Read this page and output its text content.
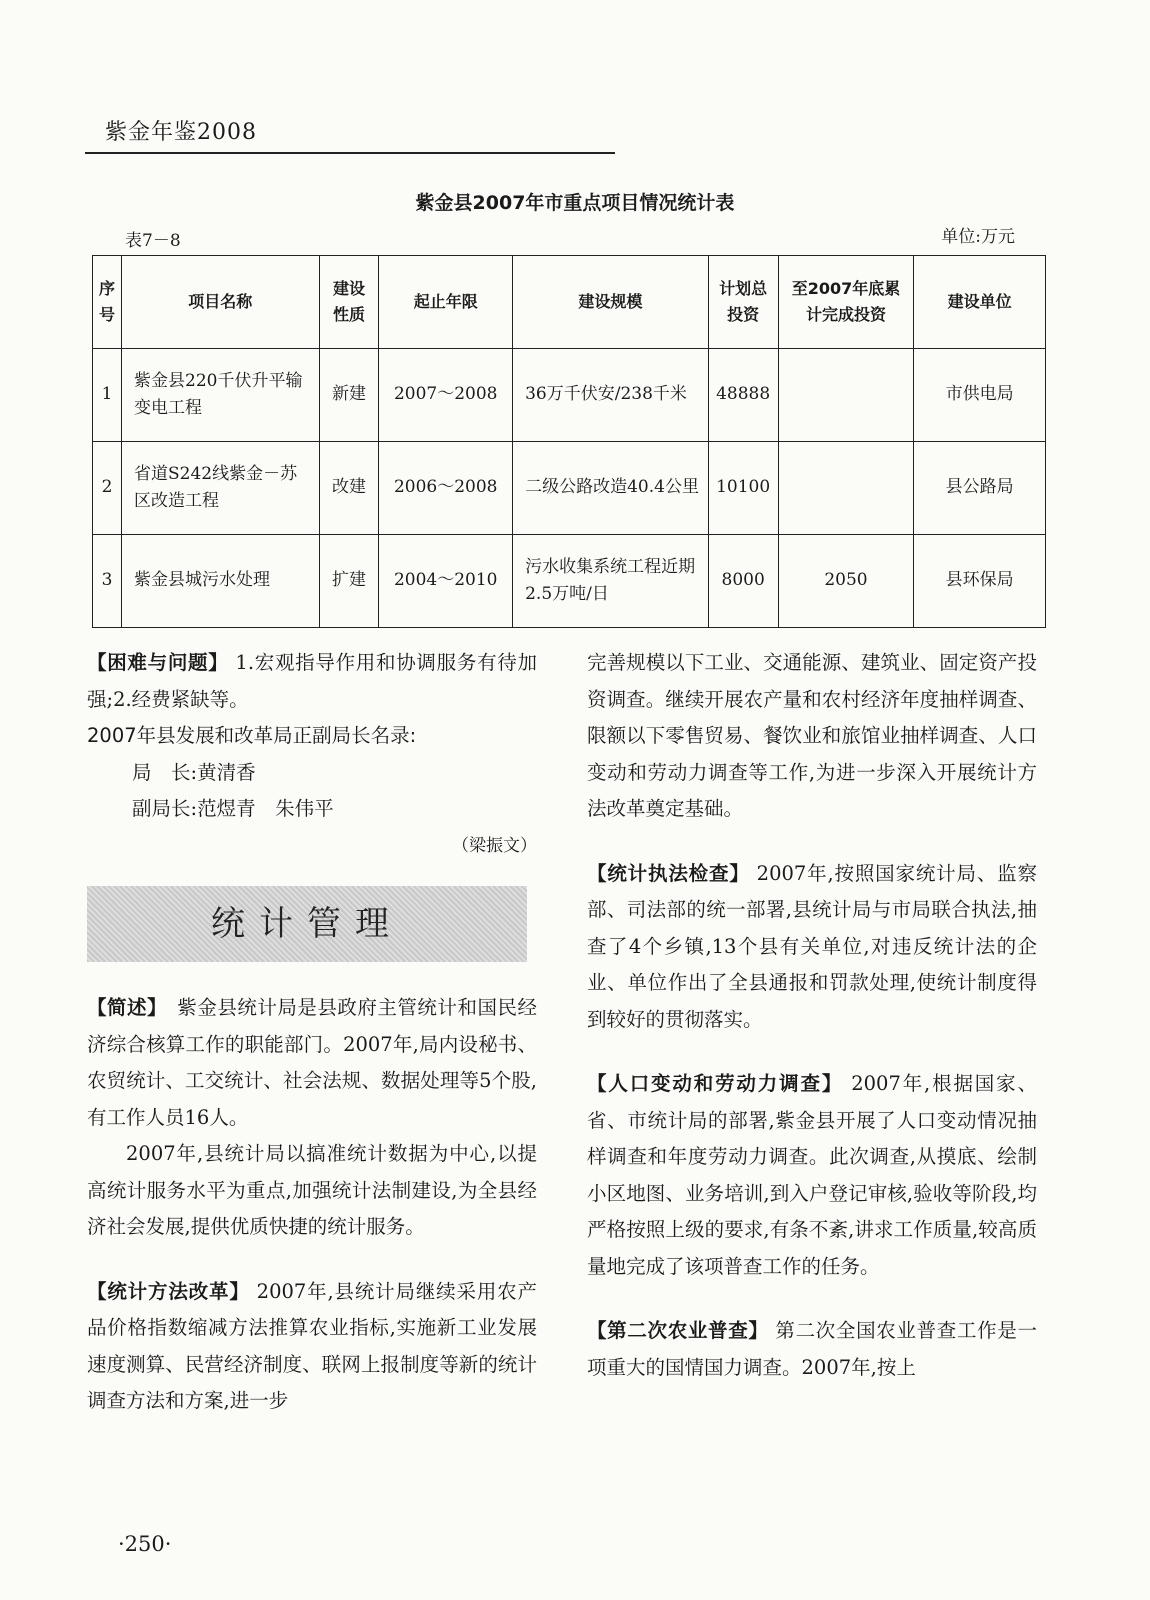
紫金年鉴2008
紫金县2007年市重点项目情况统计表
表7－8	单位:万元
序号	项目名称	建设性质	起止年限	建设规模	计划总投资	至2007年底累计完成投资	建设单位
1	紫金县220千伏升平输变电工程	新建	2007～2008	36万千伏安/238千米	48888		市供电局
2	省道S242线紫金－苏区改造工程	改建	2006～2008	二级公路改造40.4公里	10100		县公路局
3	紫金县城污水处理	扩建	2004～2010	污水收集系统工程近期2.5万吨/日	8000	2050	县环保局

【困难与问题】 1.宏观指导作用和协调服务有待加强;2.经费紧缺等。

2007年县发展和改革局正副局长名录:

局　长:黄清香

副局长:范煜青　朱伟平

（梁振文）

统计管理

【简述】　紫金县统计局是县政府主管统计和国民经济综合核算工作的职能部门。2007年,局内设秘书、农贸统计、工交统计、社会法规、数据处理等5个股,有工作人员16人。

2007年,县统计局以搞准统计数据为中心,以提高统计服务水平为重点,加强统计法制建设,为全县经济社会发展,提供优质快捷的统计服务。

【统计方法改革】 2007年,县统计局继续采用农产品价格指数缩减方法推算农业指标,实施新工业发展速度测算、民营经济制度、联网上报制度等新的统计调查方法和方案,进一步

完善规模以下工业、交通能源、建筑业、固定资产投资调查。继续开展农产量和农村经济年度抽样调查、限额以下零售贸易、餐饮业和旅馆业抽样调查、人口变动和劳动力调查等工作,为进一步深入开展统计方法改革奠定基础。

【统计执法检查】 2007年,按照国家统计局、监察部、司法部的统一部署,县统计局与市局联合执法,抽查了4个乡镇,13个县有关单位,对违反统计法的企业、单位作出了全县通报和罚款处理,使统计制度得到较好的贯彻落实。

【人口变动和劳动力调查】 2007年,根据国家、省、市统计局的部署,紫金县开展了人口变动情况抽样调查和年度劳动力调查。此次调查,从摸底、绘制小区地图、业务培训,到入户登记审核,验收等阶段,均严格按照上级的要求,有条不紊,讲求工作质量,较高质量地完成了该项普查工作的任务。

【第二次农业普查】 第二次全国农业普查工作是一项重大的国情国力调查。2007年,按上

·250·
